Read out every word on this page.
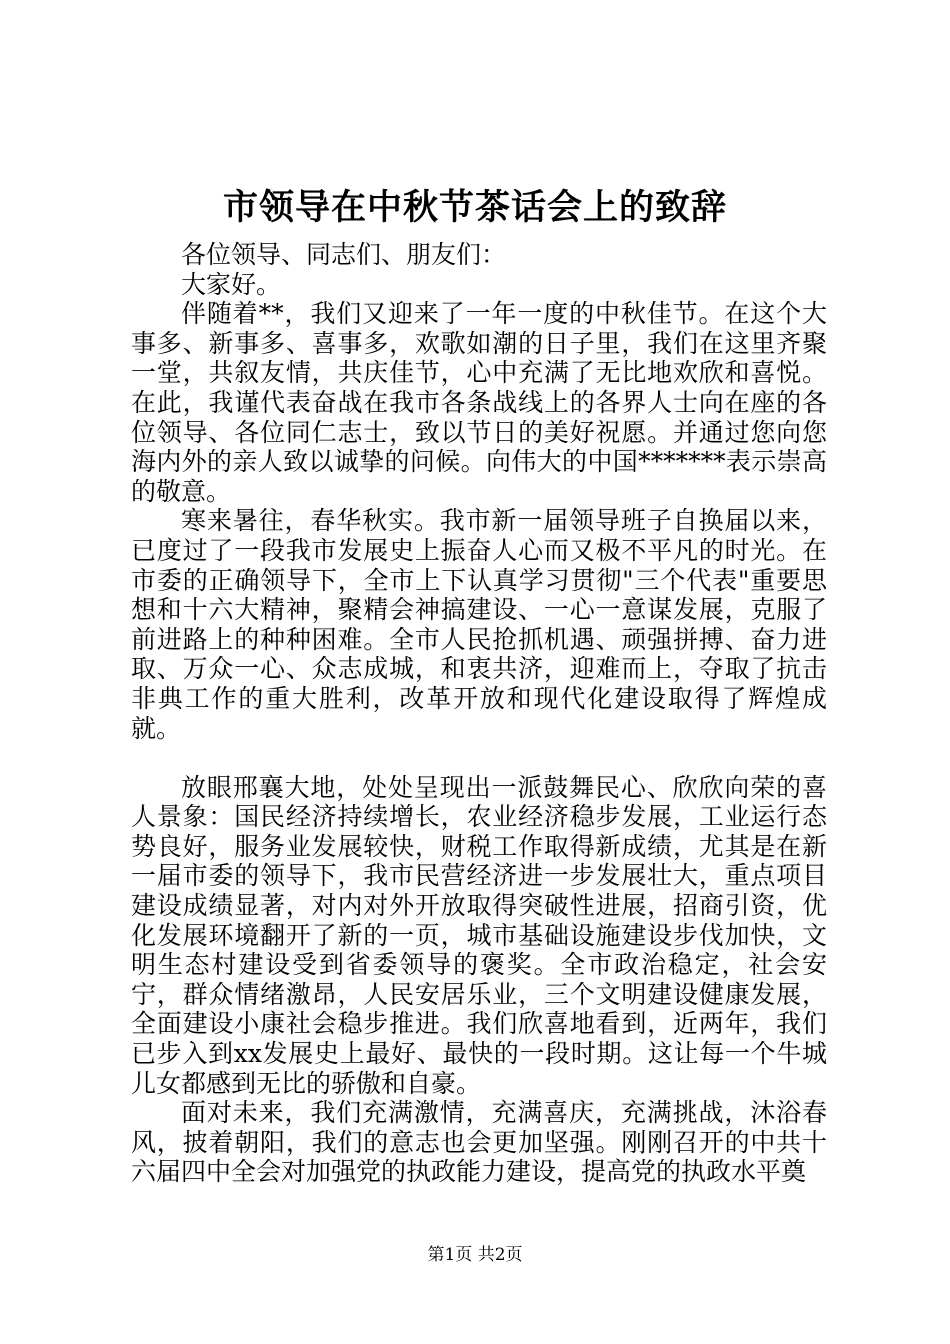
市领导在中秋节茶话会上的致辞

各位领导、同志们、朋友们：

大家好。

伴随着**，我们又迎来了一年一度的中秋佳节。在这个大事多、新事多、喜事多，欢歌如潮的日子里，我们在这里齐聚一堂，共叙友情，共庆佳节，心中充满了无比地欢欣和喜悦。在此，我谨代表奋战在我市各条战线上的各界人士向在座的各位领导、各位同仁志士，致以节日的美好祝愿。并通过您向您海内外的亲人致以诚挚的问候。向伟大的中国*******表示崇高的敬意。

寒来暑往，春华秋实。我市新一届领导班子自换届以来，已度过了一段我市发展史上振奋人心而又极不平凡的时光。在市委的正确领导下，全市上下认真学习贯彻"三个代表"重要思想和十六大精神，聚精会神搞建设、一心一意谋发展，克服了前进路上的种种困难。全市人民抢抓机遇、顽强拼搏、奋力进取、万众一心、众志成城，和衷共济，迎难而上，夺取了抗击非典工作的重大胜利，改革开放和现代化建设取得了辉煌成就。

放眼邢襄大地，处处呈现出一派鼓舞民心、欣欣向荣的喜人景象：国民经济持续增长，农业经济稳步发展，工业运行态势良好，服务业发展较快，财税工作取得新成绩，尤其是在新一届市委的领导下，我市民营经济进一步发展壮大，重点项目建设成绩显著，对内对外开放取得突破性进展，招商引资，优化发展环境翻开了新的一页，城市基础设施建设步伐加快，文明生态村建设受到省委领导的褒奖。全市政治稳定，社会安宁，群众情绪激昂，人民安居乐业，三个文明建设健康发展，全面建设小康社会稳步推进。我们欣喜地看到，近两年，我们已步入到xx发展史上最好、最快的一段时期。这让每一个牛城儿女都感到无比的骄傲和自豪。

面对未来，我们充满激情，充满喜庆，充满挑战，沐浴春风，披着朝阳，我们的意志也会更加坚强。刚刚召开的中共十六届四中全会对加强党的执政能力建设，提高党的执政水平奠

第1页 共2页
